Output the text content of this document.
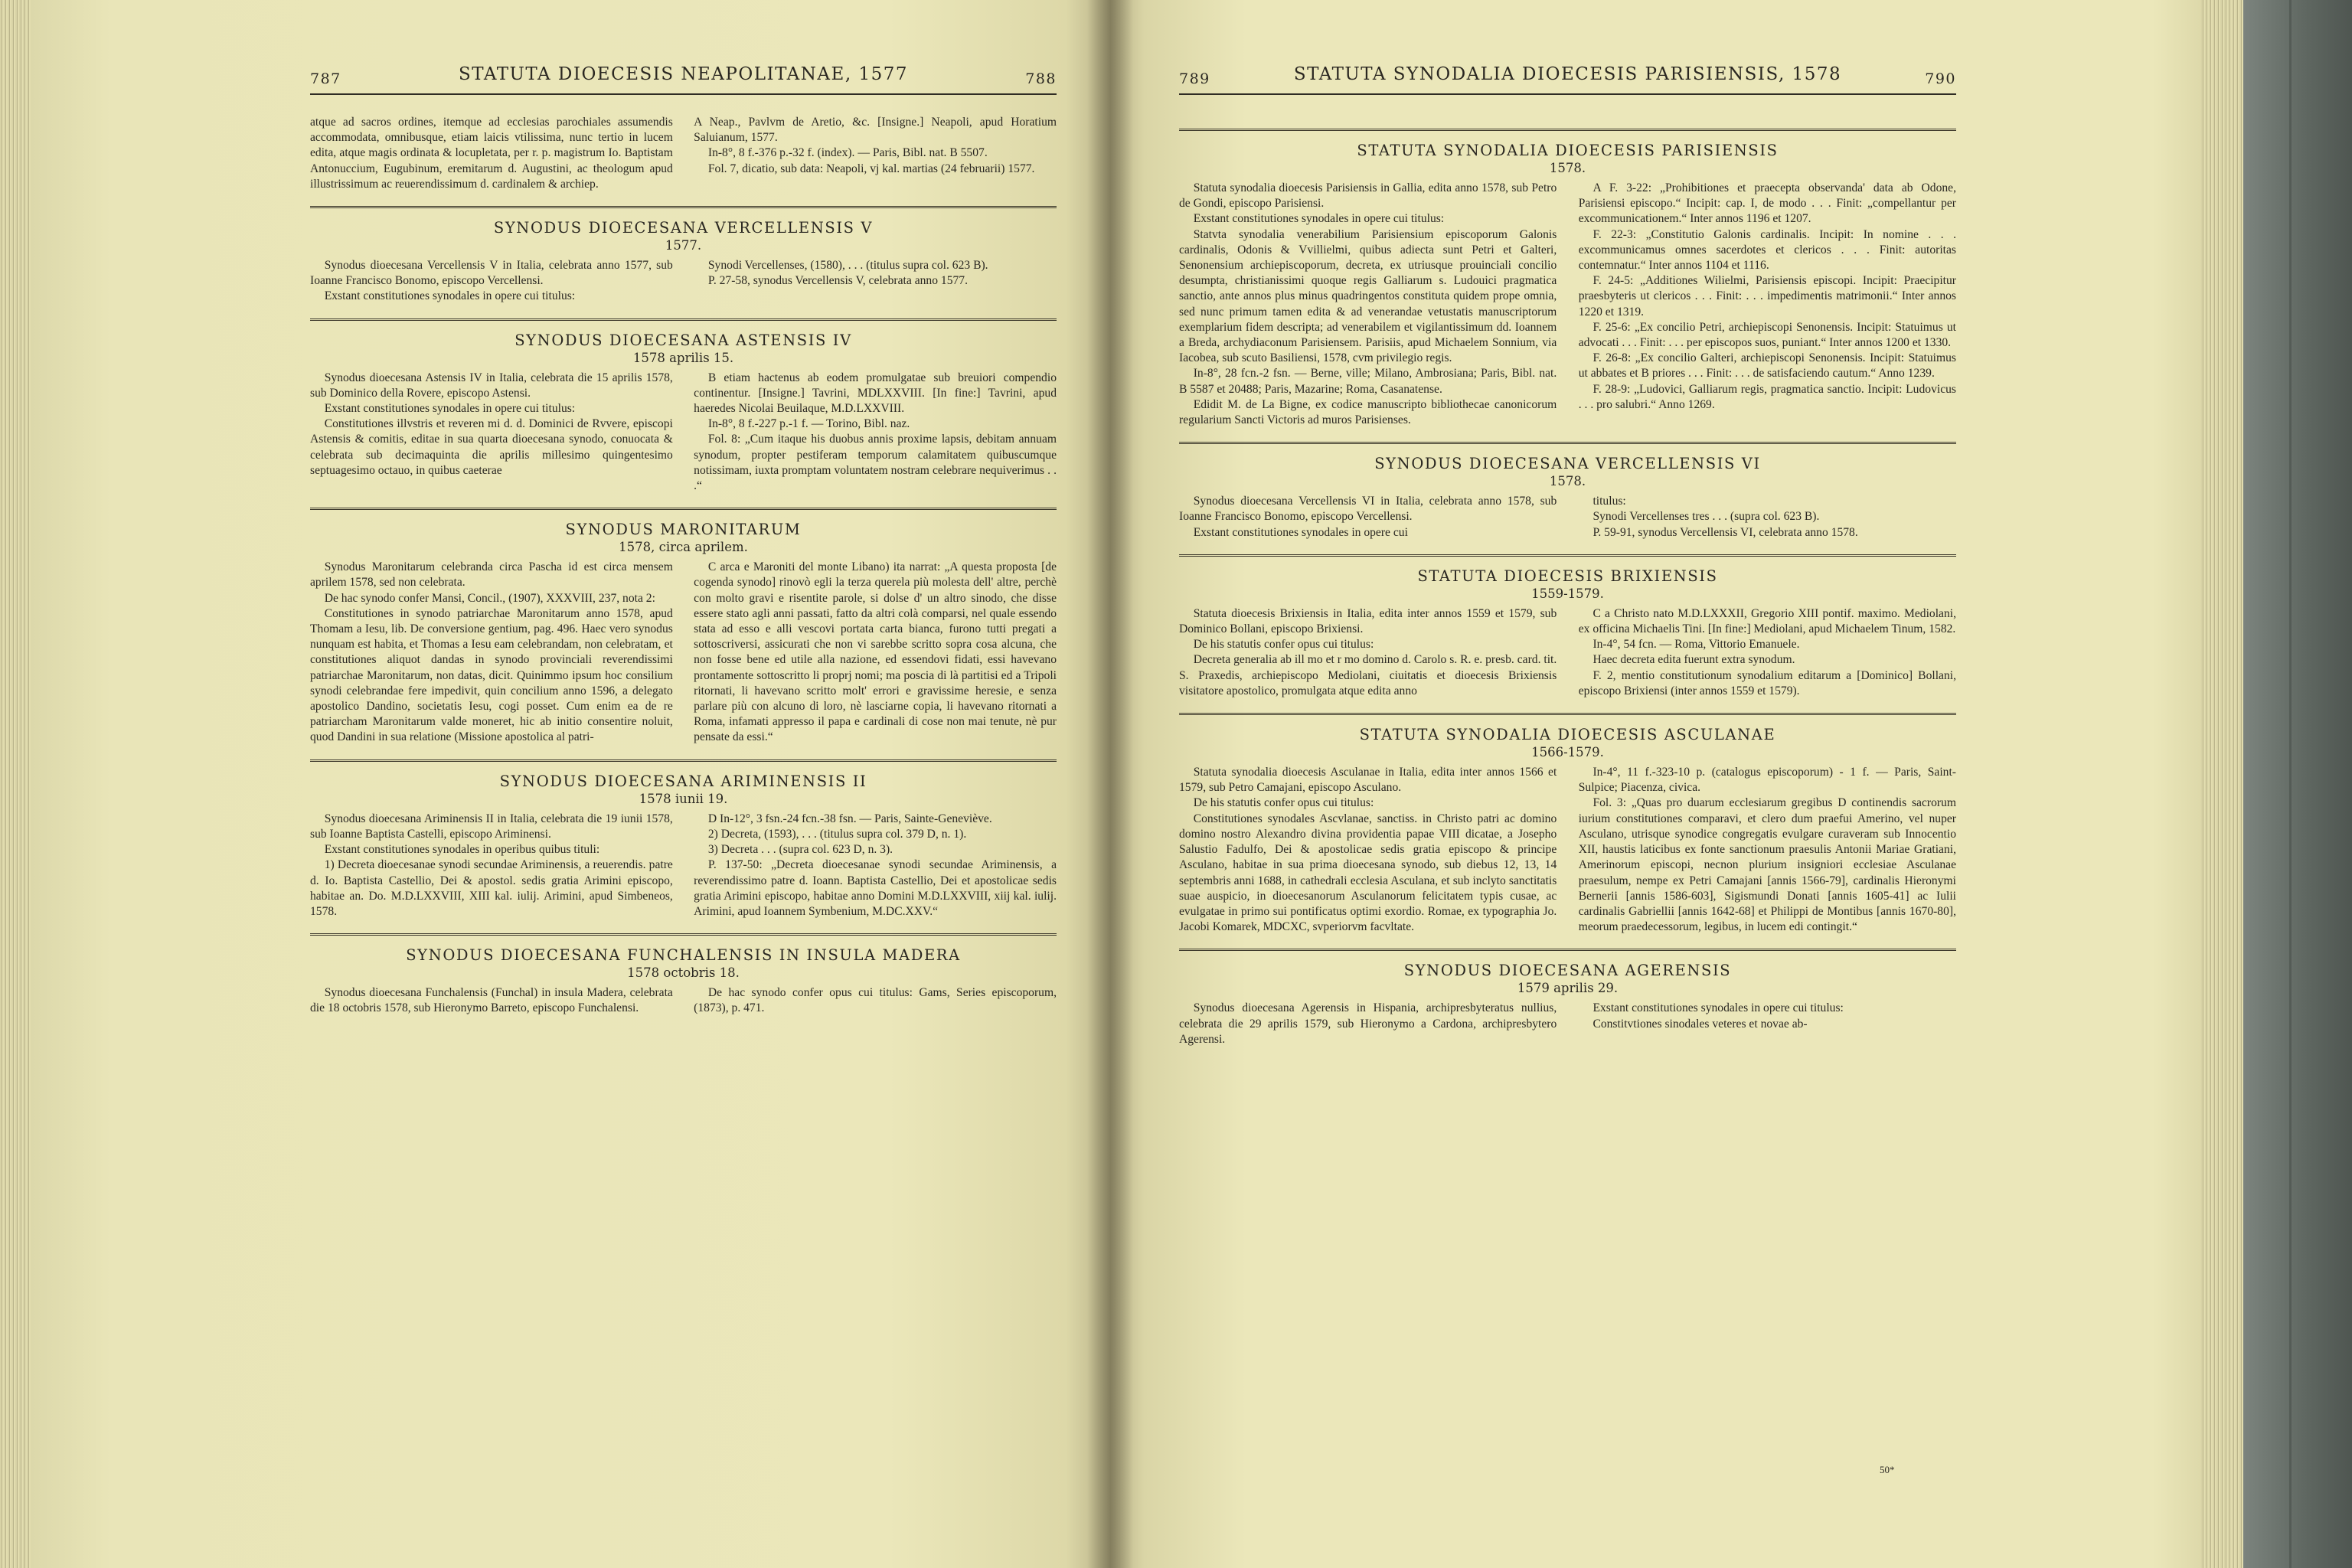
787	STATUTA DIOECESIS NEAPOLITANAE, 1577	788

atque ad sacros ordines, itemque ad ecclesias parochiales assumendis accommodata, omnibusque, etiam laicis vtilissima, nunc tertio in lucem edita, atque magis ordinata & locupletata, per r. p. magistrum Io. Baptistam Antonuccium, Eugubinum, eremitarum d. Augustini, ac theologum apud illustrissimum ac reuerendissimum d. cardinalem & archiep.

A Neap., Pavlvm de Aretio, &c. [Insigne.] Neapoli, apud Horatium Saluianum, 1577.

In-8°, 8 f.-376 p.-32 f. (index). — Paris, Bibl. nat. B 5507.

Fol. 7, dicatio, sub data: Neapoli, vj kal. martias (24 februarii) 1577.

SYNODUS DIOECESANA VERCELLENSIS V
1577.

Synodus dioecesana Vercellensis V in Italia, celebrata anno 1577, sub Ioanne Francisco Bonomo, episcopo Vercellensi.

Exstant constitutiones synodales in opere cui titulus:

Synodi Vercellenses, (1580), . . . (titulus supra col. 623 B).

P. 27-58, synodus Vercellensis V, celebrata anno 1577.

SYNODUS DIOECESANA ASTENSIS IV
1578 aprilis 15.

Synodus dioecesana Astensis IV in Italia, celebrata die 15 aprilis 1578, sub Dominico della Rovere, episcopo Astensi.

Exstant constitutiones synodales in opere cui titulus:

Constitutiones illvstris et reveren mi d. d. Dominici de Rvvere, episcopi Astensis & comitis, editae in sua quarta dioecesana synodo, conuocata & celebrata sub decimaquinta die aprilis millesimo quingentesimo septuagesimo octauo, in quibus caeterae

B etiam hactenus ab eodem promulgatae sub breuiori compendio continentur. [Insigne.] Tavrini, MDLXXVIII. [In fine:] Tavrini, apud haeredes Nicolai Beuilaque, M.D.LXXVIII.

In-8°, 8 f.-227 p.-1 f. — Torino, Bibl. naz.

Fol. 8: „Cum itaque his duobus annis proxime lapsis, debitam annuam synodum, propter pestiferam temporum calamitatem quibuscumque notissimam, iuxta promptam voluntatem nostram celebrare nequiverimus . . .“

SYNODUS MARONITARUM
1578, circa aprilem.

Synodus Maronitarum celebranda circa Pascha id est circa mensem aprilem 1578, sed non celebrata.

De hac synodo confer Mansi, Concil., (1907), XXXVIII, 237, nota 2:

Constitutiones in synodo patriarchae Maronitarum anno 1578, apud Thomam a Iesu, lib. De conversione gentium, pag. 496. Haec vero synodus nunquam est habita, et Thomas a Iesu eam celebrandam, non celebratam, et constitutiones aliquot dandas in synodo provinciali reverendissimi patriarchae Maronitarum, non datas, dicit. Quinimmo ipsum hoc consilium synodi celebrandae fere impedivit, quin concilium anno 1596, a delegato apostolico Dandino, societatis Iesu, cogi posset. Cum enim ea de re patriarcham Maronitarum valde moneret, hic ab initio consentire noluit, quod Dandini in sua relatione (Missione apostolica al patri-

C arca e Maroniti del monte Libano) ita narrat: „A questa proposta [de cogenda synodo] rinovò egli la terza querela più molesta dell' altre, perchè con molto gravi e risentite parole, si dolse d' un altro sinodo, che disse essere stato agli anni passati, fatto da altri colà comparsi, nel quale essendo stata ad esso e alli vescovi portata carta bianca, furono tutti pregati a sottoscriversi, assicurati che non vi sarebbe scritto sopra cosa alcuna, che non fosse bene ed utile alla nazione, ed essendovi fidati, essi havevano prontamente sottoscritto li proprj nomi; ma poscia di là partitisi ed a Tripoli ritornati, li havevano scritto molt' errori e gravissime heresie, e senza parlare più con alcuno di loro, nè lasciarne copia, li havevano ritornati a Roma, infamati appresso il papa e cardinali di cose non mai tenute, nè pur pensate da essi.“

SYNODUS DIOECESANA ARIMINENSIS II
1578 iunii 19.

Synodus dioecesana Ariminensis II in Italia, celebrata die 19 iunii 1578, sub Ioanne Baptista Castelli, episcopo Ariminensi.

Exstant constitutiones synodales in operibus quibus tituli:

1) Decreta dioecesanae synodi secundae Ariminensis, a reuerendis. patre d. Io. Baptista Castellio, Dei & apostol. sedis gratia Arimini episcopo, habitae an. Do. M.D.LXXVIII, XIII kal. iulij. Arimini, apud Simbeneos, 1578.

D In-12°, 3 fsn.-24 fcn.-38 fsn. — Paris, Sainte-Geneviève.

2) Decreta, (1593), . . . (titulus supra col. 379 D, n. 1).

3) Decreta . . . (supra col. 623 D, n. 3).

P. 137-50: „Decreta dioecesanae synodi secundae Ariminensis, a reverendissimo patre d. Ioann. Baptista Castellio, Dei et apostolicae sedis gratia Arimini episcopo, habitae anno Domini M.D.LXXVIII, xiij kal. iulij. Arimini, apud Ioannem Symbenium, M.DC.XXV.“

SYNODUS DIOECESANA FUNCHALENSIS IN INSULA MADERA
1578 octobris 18.

Synodus dioecesana Funchalensis (Funchal) in insula Madera, celebrata die 18 octobris 1578, sub Hieronymo Barreto, episcopo Funchalensi.

De hac synodo confer opus cui titulus: Gams, Series episcoporum, (1873), p. 471.

789	STATUTA SYNODALIA DIOECESIS PARISIENSIS, 1578	790
STATUTA SYNODALIA DIOECESIS PARISIENSIS
1578.

Statuta synodalia dioecesis Parisiensis in Gallia, edita anno 1578, sub Petro de Gondi, episcopo Parisiensi.

Exstant constitutiones synodales in opere cui titulus:

Statvta synodalia venerabilium Parisiensium episcoporum Galonis cardinalis, Odonis & Vvillielmi, quibus adiecta sunt Petri et Galteri, Senonensium archiepiscoporum, decreta, ex utriusque prouinciali concilio desumpta, christianissimi quoque regis Galliarum s. Ludouici pragmatica sanctio, ante annos plus minus quadringentos constituta quidem prope omnia, sed nunc primum tamen edita & ad venerandae vetustatis manuscriptorum exemplarium fidem descripta; ad venerabilem et vigilantissimum dd. Ioannem a Breda, archydiaconum Parisiensem. Parisiis, apud Michaelem Sonnium, via Iacobea, sub scuto Basiliensi, 1578, cvm privilegio regis.

In-8°, 28 fcn.-2 fsn. — Berne, ville; Milano, Ambrosiana; Paris, Bibl. nat. B 5587 et 20488; Paris, Mazarine; Roma, Casanatense.

Edidit M. de La Bigne, ex codice manuscripto bibliothecae canonicorum regularium Sancti Victoris ad muros Parisienses.

A F. 3-22: „Prohibitiones et praecepta observanda' data ab Odone, Parisiensi episcopo.“ Incipit: cap. I, de modo . . . Finit: „compellantur per excommunicationem.“ Inter annos 1196 et 1207.

F. 22-3: „Constitutio Galonis cardinalis. Incipit: In nomine . . . excommunicamus omnes sacerdotes et clericos . . . Finit: autoritas contemnatur.“ Inter annos 1104 et 1116.

F. 24-5: „Additiones Wilielmi, Parisiensis episcopi. Incipit: Praecipitur praesbyteris ut clericos . . . Finit: . . . impedimentis matrimonii.“ Inter annos 1220 et 1319.

F. 25-6: „Ex concilio Petri, archiepiscopi Senonensis. Incipit: Statuimus ut advocati . . . Finit: . . . per episcopos suos, puniant.“ Inter annos 1200 et 1330.

F. 26-8: „Ex concilio Galteri, archiepiscopi Senonensis. Incipit: Statuimus ut abbates et B priores . . . Finit: . . . de satisfaciendo cautum.“ Anno 1239.

F. 28-9: „Ludovici, Galliarum regis, pragmatica sanctio. Incipit: Ludovicus . . . pro salubri.“ Anno 1269.

SYNODUS DIOECESANA VERCELLENSIS VI
1578.

Synodus dioecesana Vercellensis VI in Italia, celebrata anno 1578, sub Ioanne Francisco Bonomo, episcopo Vercellensi.

Exstant constitutiones synodales in opere cui

titulus:

Synodi Vercellenses tres . . . (supra col. 623 B).

P. 59-91, synodus Vercellensis VI, celebrata anno 1578.

STATUTA DIOECESIS BRIXIENSIS
1559-1579.

Statuta dioecesis Brixiensis in Italia, edita inter annos 1559 et 1579, sub Dominico Bollani, episcopo Brixiensi.

De his statutis confer opus cui titulus:

Decreta generalia ab ill mo et r mo domino d. Carolo s. R. e. presb. card. tit. S. Praxedis, archiepiscopo Mediolani, ciuitatis et dioecesis Brixiensis visitatore apostolico, promulgata atque edita anno

C a Christo nato M.D.LXXXII, Gregorio XIII pontif. maximo. Mediolani, ex officina Michaelis Tini. [In fine:] Mediolani, apud Michaelem Tinum, 1582.

In-4°, 54 fcn. — Roma, Vittorio Emanuele.

Haec decreta edita fuerunt extra synodum.

F. 2, mentio constitutionum synodalium editarum a [Dominico] Bollani, episcopo Brixiensi (inter annos 1559 et 1579).

STATUTA SYNODALIA DIOECESIS ASCULANAE
1566-1579.

Statuta synodalia dioecesis Asculanae in Italia, edita inter annos 1566 et 1579, sub Petro Camajani, episcopo Asculano.

De his statutis confer opus cui titulus:

Constitutiones synodales Ascvlanae, sanctiss. in Christo patri ac domino domino nostro Alexandro divina providentia papae VIII dicatae, a Josepho Salustio Fadulfo, Dei & apostolicae sedis gratia episcopo & principe Asculano, habitae in sua prima dioecesana synodo, sub diebus 12, 13, 14 septembris anni 1688, in cathedrali ecclesia Asculana, et sub inclyto sanctitatis suae auspicio, in dioecesanorum Asculanorum felicitatem typis cusae, ac evulgatae in primo sui pontificatus optimi exordio. Romae, ex typographia Jo. Jacobi Komarek, MDCXC, svperiorvm facvltate.

In-4°, 11 f.-323-10 p. (catalogus episcoporum) - 1 f. — Paris, Saint-Sulpice; Piacenza, civica.

Fol. 3: „Quas pro duarum ecclesiarum gregibus D continendis sacrorum iurium constitutiones comparavi, et clero dum praefui Amerino, vel nuper Asculano, utrisque synodice congregatis evulgare curaveram sub Innocentio XII, haustis laticibus ex fonte sanctionum praesulis Antonii Mariae Gratiani, Amerinorum episcopi, necnon plurium insigniori ecclesiae Asculanae praesulum, nempe ex Petri Camajani [annis 1566-79], cardinalis Hieronymi Bernerii [annis 1586-603], Sigismundi Donati [annis 1605-41] ac Iulii cardinalis Gabriellii [annis 1642-68] et Philippi de Montibus [annis 1670-80], meorum praedecessorum, legibus, in lucem edi contingit.“

SYNODUS DIOECESANA AGERENSIS
1579 aprilis 29.

Synodus dioecesana Agerensis in Hispania, archipresbyteratus nullius, celebrata die 29 aprilis 1579, sub Hieronymo a Cardona, archipresbytero Agerensi.

Exstant constitutiones synodales in opere cui titulus:

Constitvtiones sinodales veteres et novae ab-

50*
